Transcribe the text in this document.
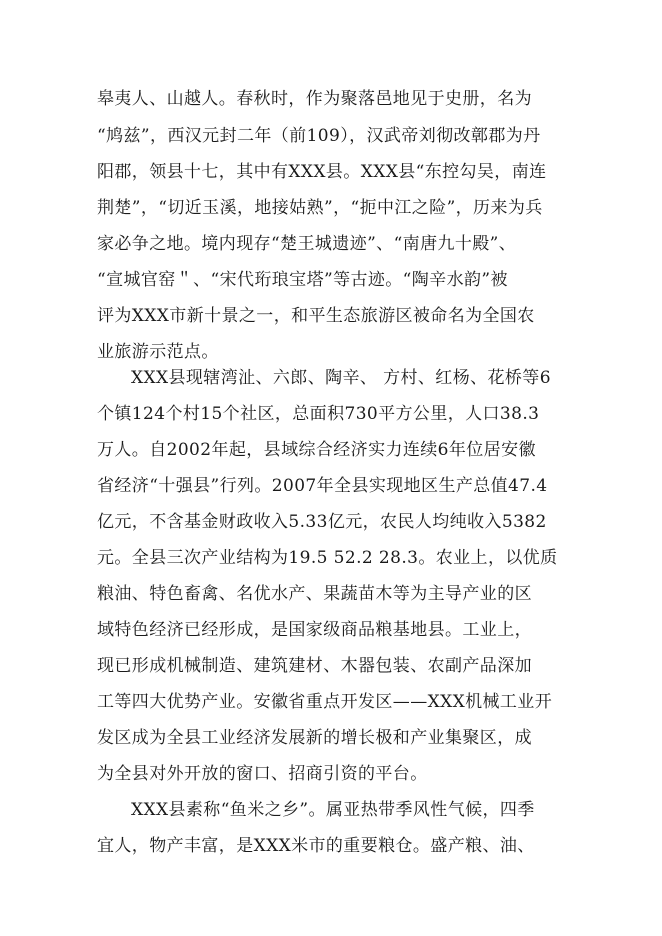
皋夷人、山越人。春秋时，作为聚落邑地见于史册，名为
“鸠兹”，西汉元封二年（前109），汉武帝刘彻改鄣郡为丹
阳郡，领县十七，其中有XXX县。XXX县“东控勾吴，南连
荆楚”，“切近玉溪，地接姑熟”，“扼中江之险”，历来为兵
家必争之地。境内现存“楚王城遗迹”、“南唐九十殿”、
“宣城官窑＂、“宋代珩琅宝塔”等古迹。“陶辛水韵”被
评为XXX市新十景之一，和平生态旅游区被命名为全国农
业旅游示范点。
XXX县现辖湾沚、六郎、陶辛、 方村、红杨、花桥等6
个镇124个村15个社区，总面积730平方公里，人口38.3
万人。自2002年起，县域综合经济实力连续6年位居安徽
省经济“十强县”行列。2007年全县实现地区生产总值47.4
亿元，不含基金财政收入5.33亿元，农民人均纯收入5382
元。全县三次产业结构为19.5 52.2 28.3。农业上，以优质
粮油、特色畜禽、名优水产、果蔬苗木等为主导产业的区
域特色经济已经形成，是国家级商品粮基地县。工业上，
现已形成机械制造、建筑建材、木器包装、农副产品深加
工等四大优势产业。安徽省重点开发区——XXX机械工业开
发区成为全县工业经济发展新的增长极和产业集聚区，成
为全县对外开放的窗口、招商引资的平台。
XXX县素称“鱼米之乡”。属亚热带季风性气候，四季
宜人，物产丰富，是XXX米市的重要粮仓。盛产粮、油、
